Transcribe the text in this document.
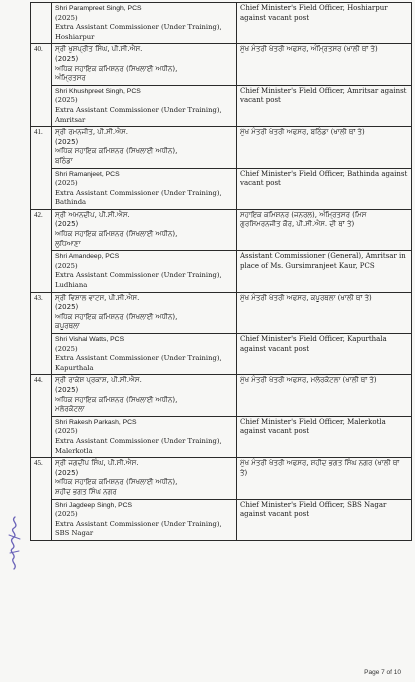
	Shri Parampreet Singh, PCS
(2025)
Extra Assistant Commissioner (Under Training), Hoshiarpur	Chief Minister's Field Officer, Hoshiarpur against vacant post
40.	ਸ੍ਰੀ ਖੁਸ਼ਪ੍ਰੀਤ ਸਿੰਘ, ਪੀ.ਸੀ.ਐਸ.
(2025)
ਅਧਿਕ ਸਹਾਇਕ ਕਮਿਸ਼ਨਰ (ਸਿਖਲਾਈ ਅਧੀਨ),
ਅੰਮ੍ਰਿਤਸਰ	ਮੁੱਖ ਮੰਤਰੀ ਖੇਤਰੀ ਅਫਸਰ, ਅੰਮ੍ਰਿਤਸਰ (ਖਾਲੀ ਥਾਂ ਤੇ)

	Shri Khushpreet Singh, PCS
(2025)
Extra Assistant Commissioner (Under Training), Amritsar	Chief Minister's Field Officer, Amritsar against vacant post
41.	ਸ੍ਰੀ ਰਮਨਜੀਤ, ਪੀ.ਸੀ.ਐਸ.
(2025)
ਅਧਿਕ ਸਹਾਇਕ ਕਮਿਸ਼ਨਰ (ਸਿਖਲਾਈ ਅਧੀਨ),
ਬਠਿੰਡਾ	ਮੁੱਖ ਮੰਤਰੀ ਖੇਤਰੀ ਅਫਸਰ, ਬਠਿੰਡਾ (ਖਾਲੀ ਥਾਂ ਤੇ)

	Shri Ramanjeet, PCS
(2025)
Extra Assistant Commissioner (Under Training), Bathinda	Chief Minister's Field Officer, Bathinda against vacant post
42.	ਸ੍ਰੀ ਅਮਨਦੀਪ, ਪੀ.ਸੀ.ਐਸ.
(2025)
ਅਧਿਕ ਸਹਾਇਕ ਕਮਿਸ਼ਨਰ (ਸਿਖਲਾਈ ਅਧੀਨ),
ਲੁਧਿਆਣਾ	ਸਹਾਇਕ ਕਮਿਸ਼ਨਰ (ਜਨਰਲ), ਅੰਮ੍ਰਿਤਸਰ (ਮਿਸ ਗੁਰਸਿਮਰਨਜੀਤ ਕੌਰ, ਪੀ.ਸੀ.ਐਸ. ਦੀ ਥਾਂ ਤੇ)

	Shri Amandeep, PCS
(2025)
Extra Assistant Commissioner (Under Training), Ludhiana	Assistant Commissioner (General), Amritsar in place of Ms. Gursimranjeet Kaur, PCS
43.	ਸ੍ਰੀ ਵਿਸ਼ਾਲ ਵਾਟਸ, ਪੀ.ਸੀ.ਐਸ.
(2025)
ਅਧਿਕ ਸਹਾਇਕ ਕਮਿਸ਼ਨਰ (ਸਿਖਲਾਈ ਅਧੀਨ),
ਕਪੂਰਥਲਾ	ਮੁੱਖ ਮੰਤਰੀ ਖੇਤਰੀ ਅਫਸਰ, ਕਪੂਰਥਲਾ (ਖਾਲੀ ਥਾਂ ਤੇ)

	Shri Vishal Watts, PCS
(2025)
Extra Assistant Commissioner (Under Training), Kapurthala	Chief Minister's Field Officer, Kapurthala against vacant post
44.	ਸ੍ਰੀ ਰਾਕੇਸ਼ ਪ੍ਰਕਾਸ਼, ਪੀ.ਸੀ.ਐਸ.
(2025)
ਅਧਿਕ ਸਹਾਇਕ ਕਮਿਸ਼ਨਰ (ਸਿਖਲਾਈ ਅਧੀਨ),
ਮਲੇਰਕੋਟਲਾ	ਮੁੱਖ ਮੰਤਰੀ ਖੇਤਰੀ ਅਫਸਰ, ਮਲੇਰਕੋਟਲਾ (ਖਾਲੀ ਥਾਂ ਤੇ)

	Shri Rakesh Parkash, PCS
(2025)
Extra Assistant Commissioner (Under Training), Malerkotla	Chief Minister's Field Officer, Malerkotla against vacant post
45.	ਸ੍ਰੀ ਜਗਦੀਪ ਸਿੰਘ, ਪੀ.ਸੀ.ਐਸ.
(2025)
ਅਧਿਕ ਸਹਾਇਕ ਕਮਿਸ਼ਨਰ (ਸਿਖਲਾਈ ਅਧੀਨ),
ਸ਼ਹੀਦ ਭਗਤ ਸਿੰਘ ਨਗਰ	ਮੁੱਖ ਮੰਤਰੀ ਖੇਤਰੀ ਅਫਸਰ, ਸ਼ਹੀਦ ਭਗਤ ਸਿੰਘ ਨਗਰ (ਖਾਲੀ ਥਾਂ ਤੇ)

	Shri Jagdeep Singh, PCS
(2025)
Extra Assistant Commissioner (Under Training), SBS Nagar	Chief Minister's Field Officer, SBS Nagar against vacant post
Page 7 of 10
